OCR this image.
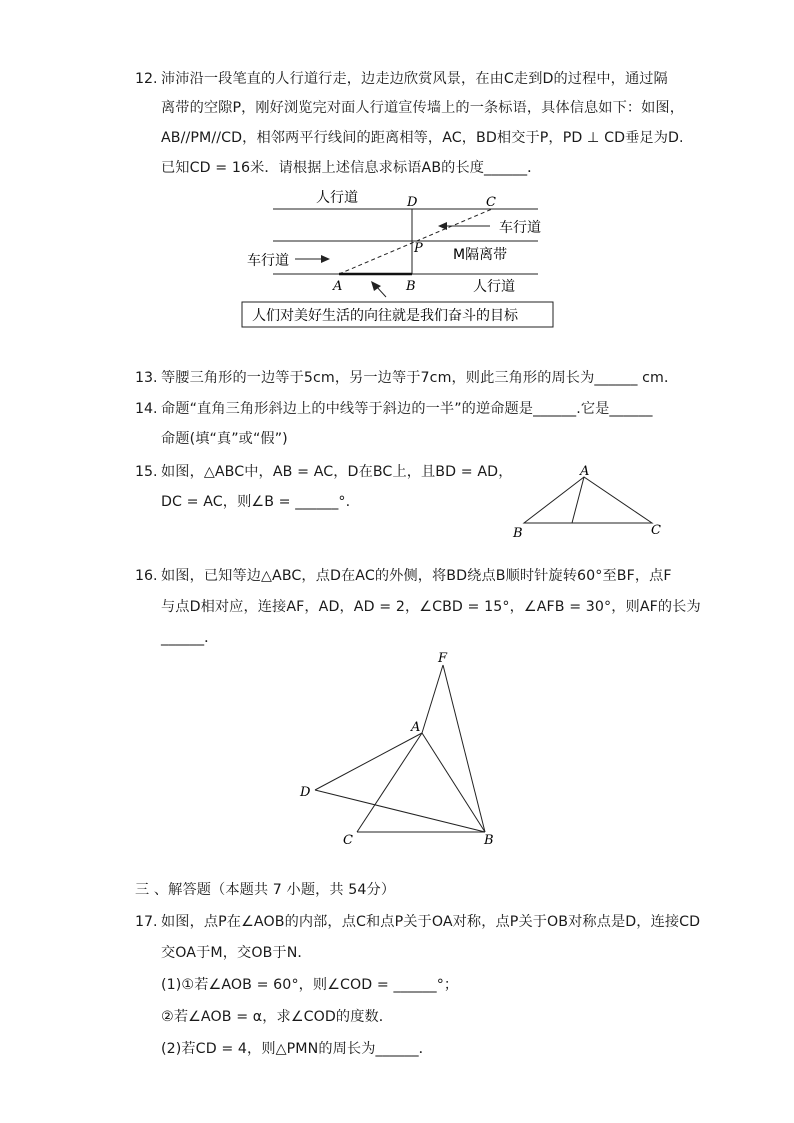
12. 沛沛沿一段笔直的人行道行走，边走边欣赏风景，在由C走到D的过程中，通过隔
离带的空隙P，刚好浏览完对面人行道宣传墙上的一条标语，具体信息如下：如图，
AB//PM//CD，相邻两平行线间的距离相等，AC，BD相交于P，PD ⊥ CD垂足为D.
已知CD = 16米．请根据上述信息求标语AB的长度______．
人行道
车行道
车行道	M隔离带
人行道
人们对美好生活的向往就是我们奋斗的目标
D	C
P
A	B
13. 等腰三角形的一边等于5cm，另一边等于7cm，则此三角形的周长为______ cm．
14. 命题“直角三角形斜边上的中线等于斜边的一半”的逆命题是______.它是______
命题(填“真”或“假”)
15. 如图，△ABC中，AB = AC，D在BC上，且BD = AD，
DC = AC，则∠B = ______°.
A
B	C
16. 如图，已知等边△ABC，点D在AC的外侧，将BD绕点B顺时针旋转60°至BF，点F
与点D相对应，连接AF，AD，AD = 2，∠CBD = 15°，∠AFB = 30°，则AF的长为
______．
F
A
D
C	B
三 、解答题（本题共 7 小题，共 54分）
17. 如图，点P在∠AOB的内部，点C和点P关于OA对称，点P关于OB对称点是D，连接CD
交OA于M，交OB于N．
(1)①若∠AOB = 60°，则∠COD = ______°；
②若∠AOB = α，求∠COD的度数．
(2)若CD = 4，则△PMN的周长为______．
